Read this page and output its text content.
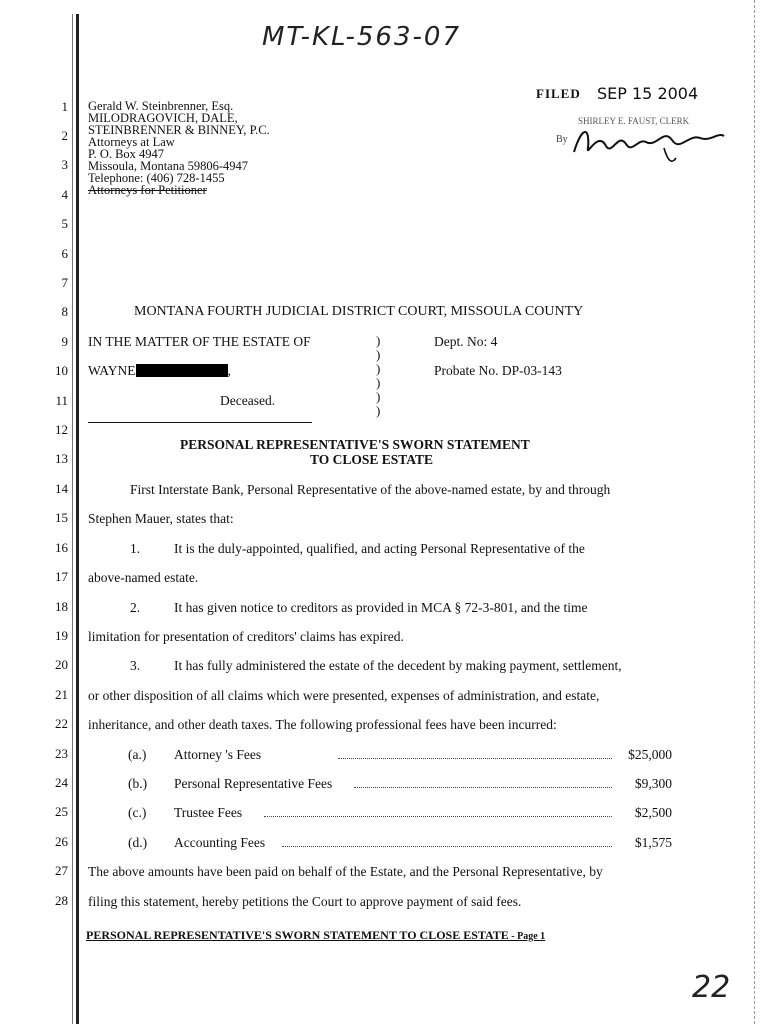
MT-KL-563-07
FILED SEP 15 2004
SHIRLEY E. FAUST, CLERK
By
1
2
3
4
5
6
7
8
9
10
11
12
13
14
15
16
17
18
19
20
21
22
23
24
25
26
27
28
Gerald W. Steinbrenner, Esq.
MILODRAGOVICH, DALE,
STEINBRENNER & BINNEY, P.C.
Attorneys at Law
P. O. Box 4947
Missoula, Montana 59806-4947
Telephone: (406) 728-1455
Attorneys for Petitioner
MONTANA FOURTH JUDICIAL DISTRICT COURT, MISSOULA COUNTY
IN THE MATTER OF THE ESTATE OF
WAYNE	,
Deceased.
)
)
)
)
)
)
Dept. No: 4
Probate No. DP-03-143
PERSONAL REPRESENTATIVE'S SWORN STATEMENT
TO CLOSE ESTATE
First Interstate Bank, Personal Representative of the above-named estate, by and through
Stephen Mauer, states that:
1.	It is the duly-appointed, qualified, and acting Personal Representative of the
above-named estate.
2.	It has given notice to creditors as provided in MCA § 72-3-801, and the time
limitation for presentation of creditors' claims has expired.
3.	It has fully administered the estate of the decedent by making payment, settlement,
or other disposition of all claims which were presented, expenses of administration, and estate,
inheritance, and other death taxes. The following professional fees have been incurred:
(a.) Attorney 's Fees	$25,000
(b.) Personal Representative Fees	$9,300
(c.) Trustee Fees	$2,500
(d.) Accounting Fees	$1,575
The above amounts have been paid on behalf of the Estate, and the Personal Representative, by
filing this statement, hereby petitions the Court to approve payment of said fees.
PERSONAL REPRESENTATIVE'S SWORN STATEMENT TO CLOSE ESTATE - Page 1
22
